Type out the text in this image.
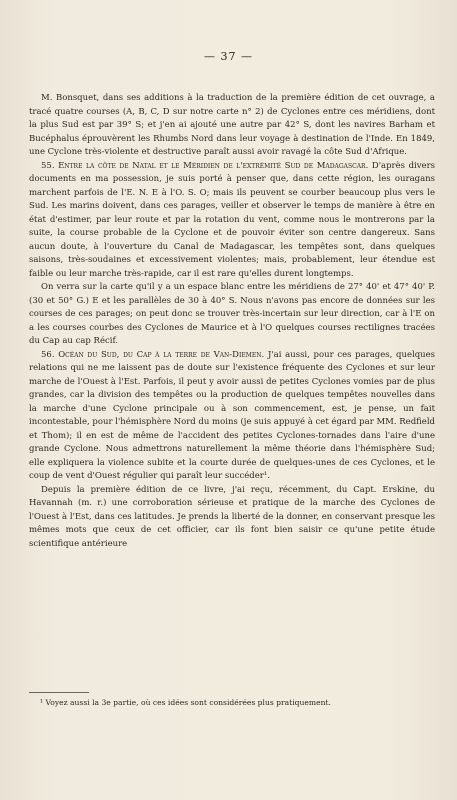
— 37 —

M. Bonsquet, dans ses additions à la traduction de la première édition de cet ouvrage, a tracé quatre courses (A, B, C, D sur notre carte n° 2) de Cyclones entre ces méridiens, dont la plus Sud est par 39° S; et j'en ai ajouté une autre par 42° S, dont les navires Barham et Bucéphalus éprouvèrent les Rhumbs Nord dans leur voyage à destination de l'Inde. En 1849, une Cyclone très-violente et destructive paraît aussi avoir ravagé la côte Sud d'Afrique.

55. Entre la côte de Natal et le Méridien de l'extrémité Sud de Madagascar. D'après divers documents en ma possession, je suis porté à penser que, dans cette région, les ouragans marchent parfois de l'E. N. E à l'O. S. O; mais ils peuvent se courber beaucoup plus vers le Sud. Les marins doivent, dans ces parages, veiller et observer le temps de manière à être en état d'estimer, par leur route et par la rotation du vent, comme nous le montrerons par la suite, la course probable de la Cyclone et de pouvoir éviter son centre dangereux. Sans aucun doute, à l'ouverture du Canal de Madagascar, les tempêtes sont, dans quelques saisons, très-soudaines et excessivement violentes; mais, probablement, leur étendue est faible ou leur marche très-rapide, car il est rare qu'elles durent longtemps.

On verra sur la carte qu'il y a un espace blanc entre les méridiens de 27° 40' et 47° 40' P. (30 et 50° G.) E et les parallèles de 30 à 40° S. Nous n'avons pas encore de données sur les courses de ces parages; on peut donc se trouver très-incertain sur leur direction, car à l'E on a les courses courbes des Cyclones de Maurice et à l'O quelques courses rectilignes tracées du Cap au cap Récif.

56. Océan du Sud, du Cap à la terre de Van-Diemen. J'ai aussi, pour ces parages, quelques relations qui ne me laissent pas de doute sur l'existence fréquente des Cyclones et sur leur marche de l'Ouest à l'Est. Parfois, il peut y avoir aussi de petites Cyclones vomies par de plus grandes, car la division des tempêtes ou la production de quelques tempêtes nouvelles dans la marche d'une Cyclone principale ou à son commencement, est, je pense, un fait incontestable, pour l'hémisphère Nord du moins (je suis appuyé à cet égard par MM. Redfield et Thom); il en est de même de l'accident des petites Cyclones-tornades dans l'aire d'une grande Cyclone. Nous admettrons naturellement la même théorie dans l'hémisphère Sud; elle expliquera la violence subite et la courte durée de quelques-unes de ces Cyclones, et le coup de vent d'Ouest régulier qui paraît leur succéder¹.

Depuis la première édition de ce livre, j'ai reçu, récemment, du Capt. Erskine, du Havannah (m. r.) une corroboration sérieuse et pratique de la marche des Cyclones de l'Ouest à l'Est, dans ces latitudes. Je prends la liberté de la donner, en conservant presque les mêmes mots que ceux de cet officier, car ils font bien saisir ce qu'une petite étude scientifique antérieure

¹ Voyez aussi la 3e partie, où ces idées sont considérées plus pratiquement.
